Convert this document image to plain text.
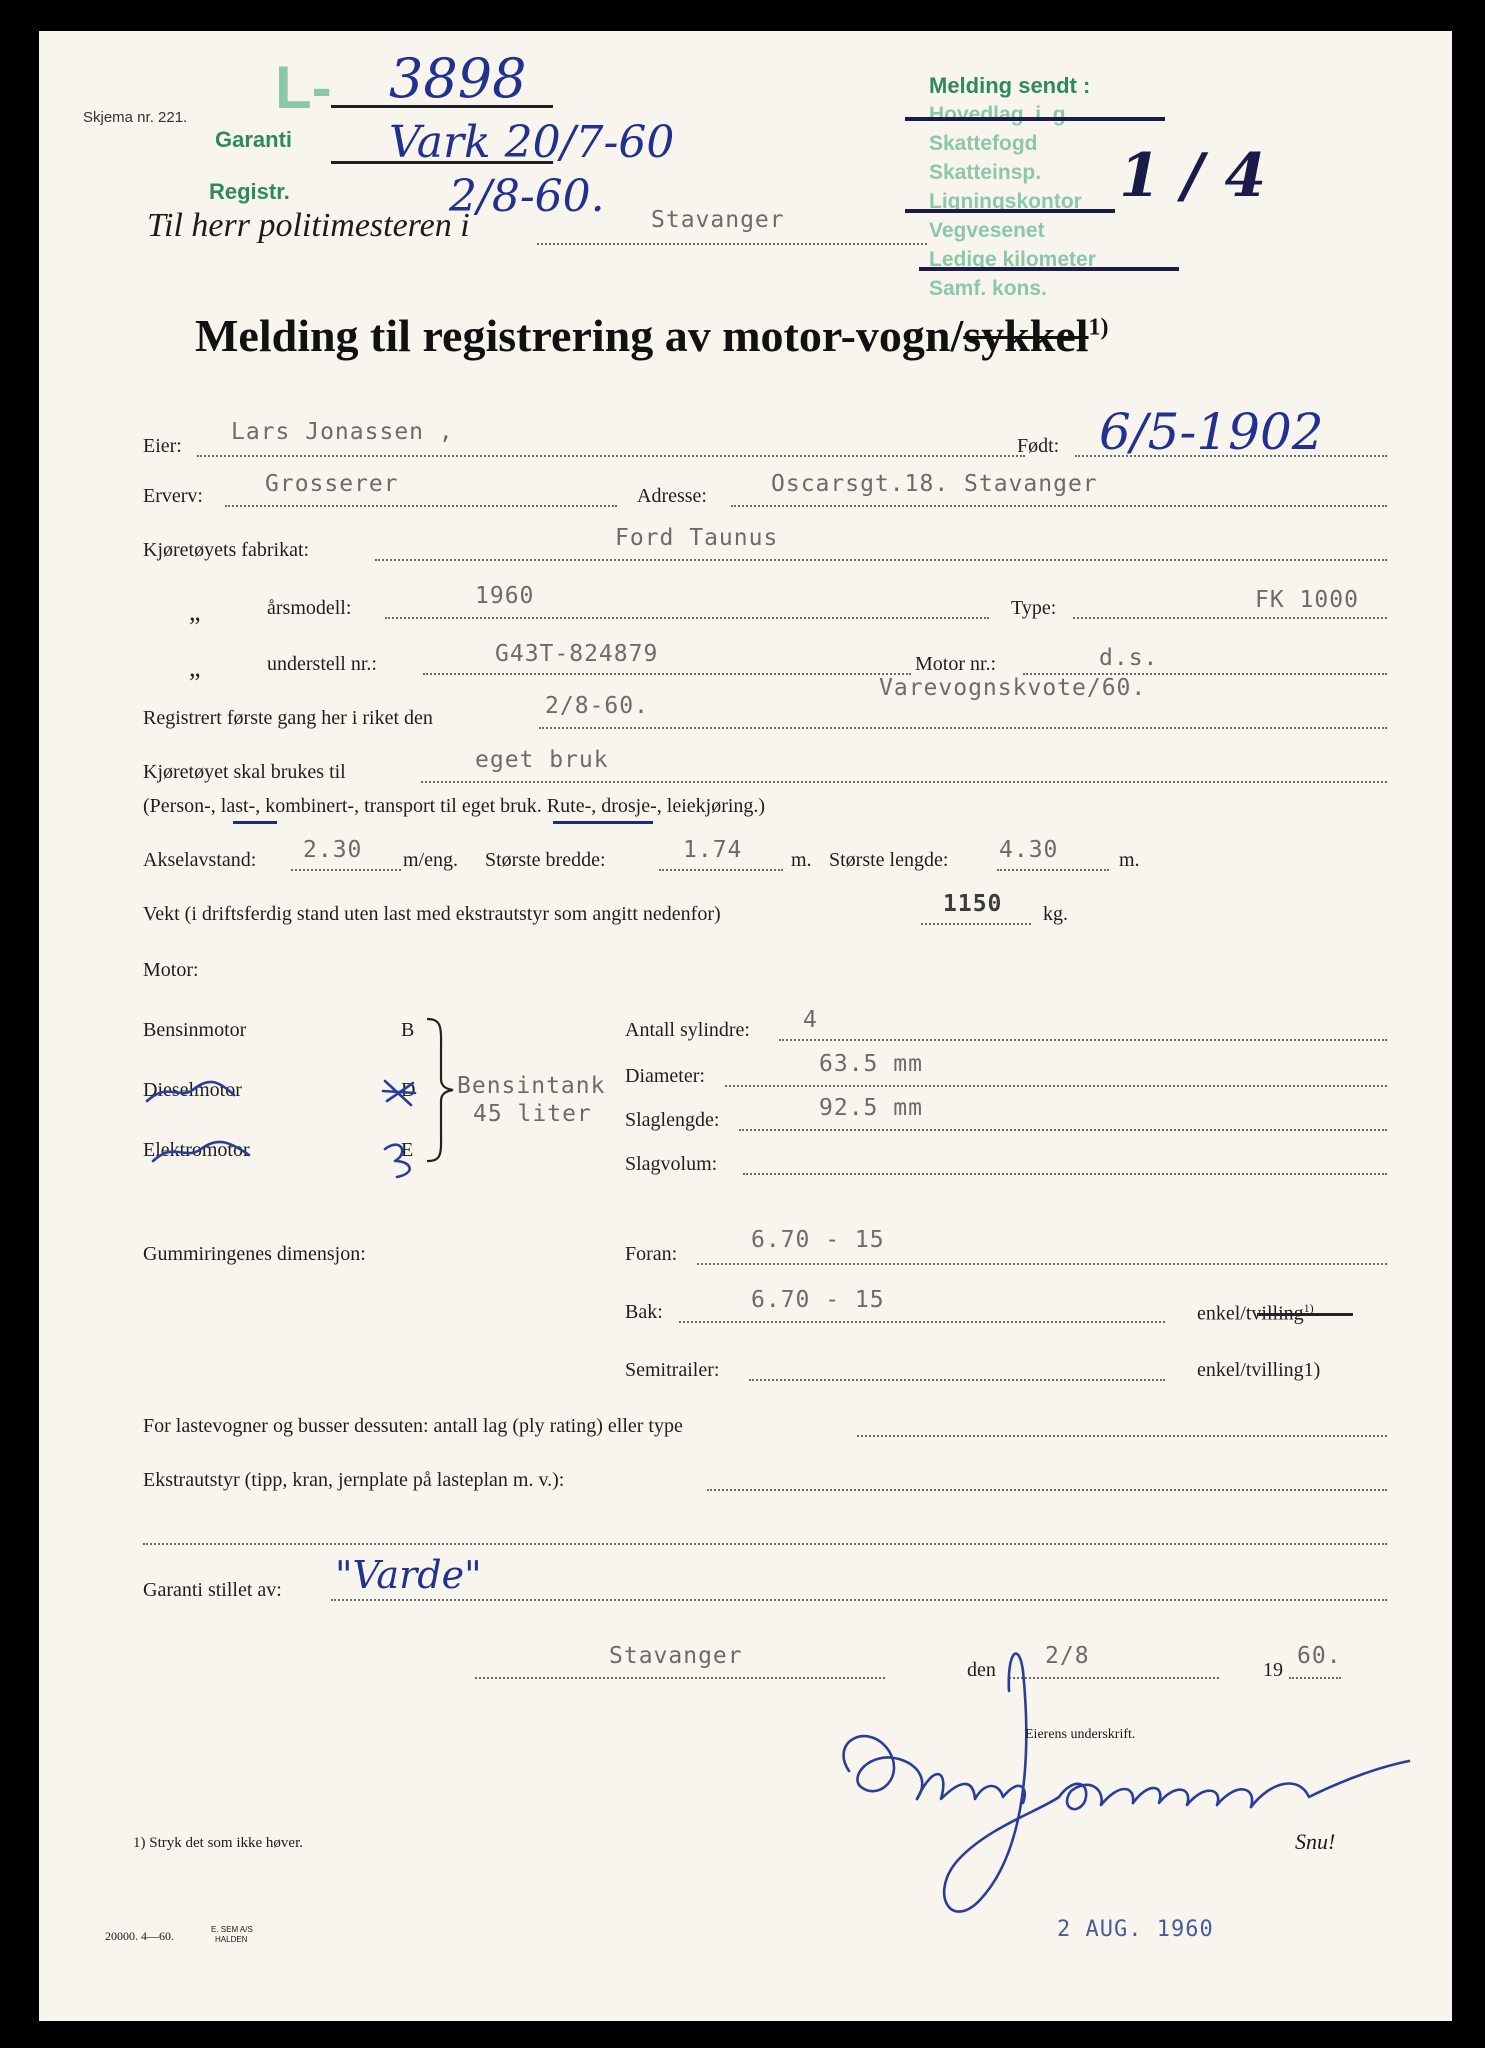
Skjema nr. 221. L-
Garanti
Registr.
3898
Vark 20/7-60
2/8-60.
Til herr politimesteren i	Stavanger
Melding sendt :
Hovedlag. i. g
Skattefogd
Skatteinsp.
Ligningskontor
Vegvesenet
Ledige kilometer
Samf. kons.
1 / 4
Melding til registrering av motor-vogn/sykkel$^{1)}$
Eier:
Lars Jonassen ,
Født: 6/5-1902
Erverv:	Grosserer	Adresse:	Oscarsgt.18. Stavanger
Kjøretøyets fabrikat:	Ford Taunus
„	årsmodell:	1960	Type:	FK 1000
„	understell nr.:	G43T-824879	Motor nr.:	d.s.
Varevognskvote/60.
Registrert første gang her i riket den	2/8-60.
Kjøretøyet skal brukes til	eget bruk
(Person-, last-, kombinert-, transport til eget bruk. Rute-, drosje-, leiekjøring.)
Akselavstand: 2.30 m/eng. Største bredde:	1.74 m. Største lengde: 4.30	m.
Vekt (i driftsferdig stand uten last med ekstrautstyr som angitt nedenfor)	1150 kg.
Motor:
Bensinmotor	B
Dieselmotor	D
Elektromotor	E
Bensintank
45 liter
Antall sylindre: 4
Diameter:	63.5 mm
Slaglengde:	92.5 mm
Slagvolum:
Gummiringenes dimensjon:	Foran:
6.70 - 15
Bak:	6.70 - 15
enkel/tvilling$^{1)}$
Semitrailer:	enkel/tvilling1)
For lastevogner og busser dessuten: antall lag (ply rating) eller type
Ekstrautstyr (tipp, kran, jernplate på lasteplan m. v.):
Garanti stillet av: "Varde"
Stavanger
den
2/8
19
60.
Eierens underskrift.
1) Stryk det som ikke høver.	Snu!
20000. 4—60.	E. SEM A/S
HALDEN	2 AUG. 1960
